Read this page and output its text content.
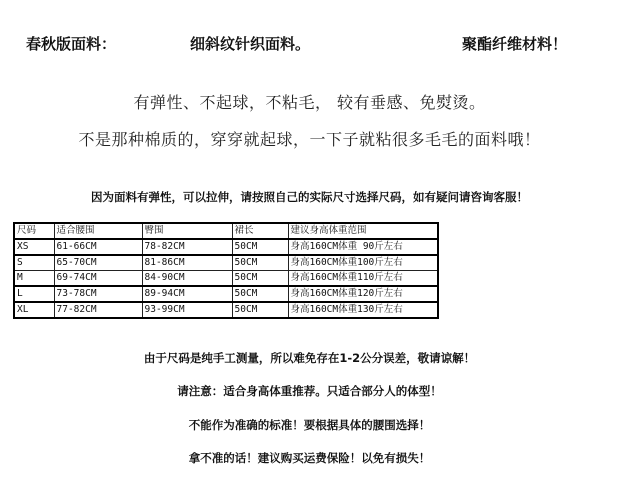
春秋版面料：	细斜纹针织面料。	聚酯纤维材料！
有弹性、不起球，不粘毛， 较有垂感、免熨烫。
不是那种棉质的，穿穿就起球，一下子就粘很多毛毛的面料哦！
因为面料有弹性，可以拉伸，请按照自己的实际尺寸选择尺码，如有疑问请咨询客服！
尺码	适合腰围	臀围	裙长	建议身高体重范围
XS	61-66CM	78-82CM	50CM	身高160CM体重 90斤左右
S	65-70CM	81-86CM	50CM	身高160CM体重100斤左右
M	69-74CM	84-90CM	50CM	身高160CM体重110斤左右
L	73-78CM	89-94CM	50CM	身高160CM体重120斤左右
XL	77-82CM	93-99CM	50CM	身高160CM体重130斤左右
由于尺码是纯手工测量，所以难免存在1-2公分误差，敬请谅解！
请注意：适合身高体重推荐。只适合部分人的体型！
不能作为准确的标准！要根据具体的腰围选择！
拿不准的话！建议购买运费保险！以免有损失！
